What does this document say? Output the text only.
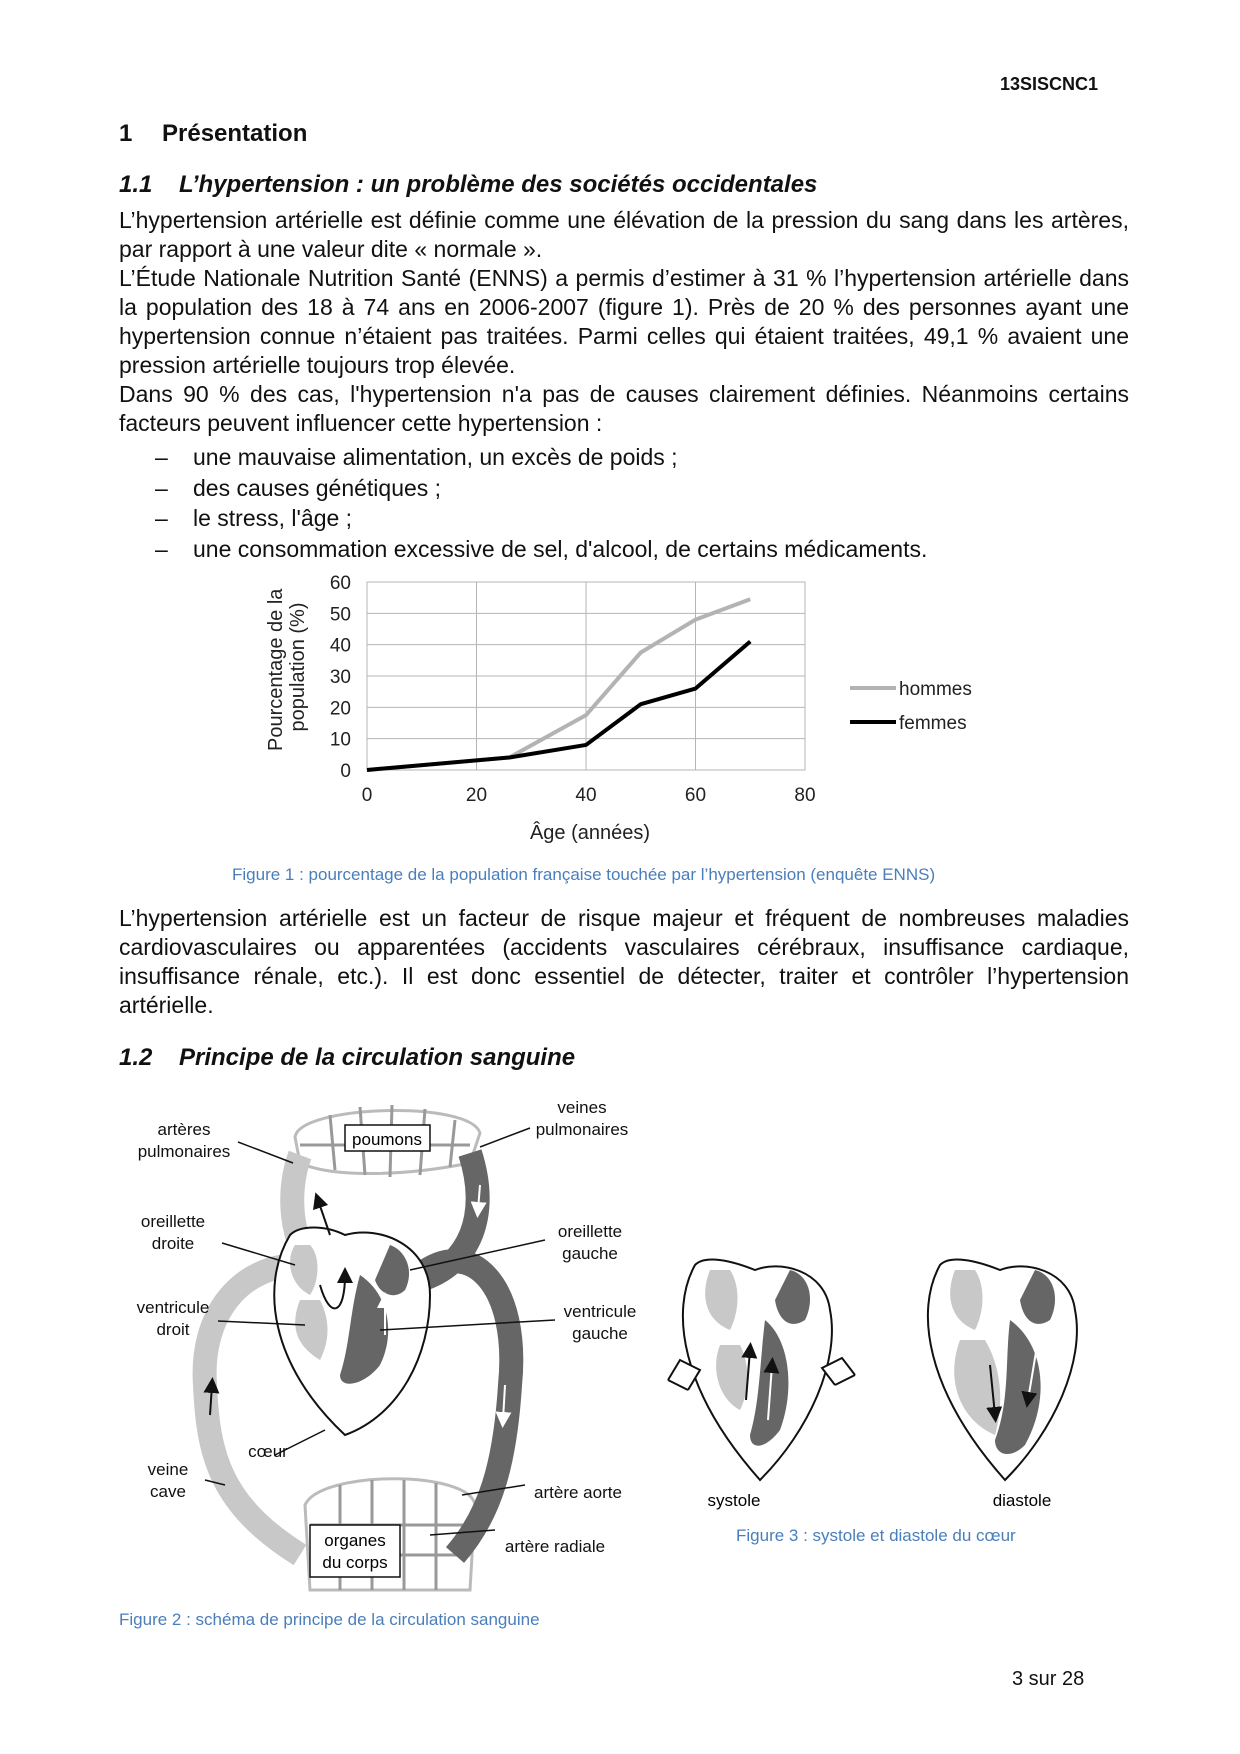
13SISCNC1
1 Présentation
1.1 L’hypertension : un problème des sociétés occidentales

L’hypertension artérielle est définie comme une élévation de la pression du sang dans les artères, par rapport à une valeur dite « normale ».

L’Étude Nationale Nutrition Santé (ENNS) a permis d’estimer à 31 % l’hypertension artérielle dans la population des 18 à 74 ans en 2006-2007 (figure 1). Près de 20 % des personnes ayant une hypertension connue n’étaient pas traitées. Parmi celles qui étaient traitées, 49,1 % avaient une pression artérielle toujours trop élevée.

Dans 90 % des cas, l'hypertension n'a pas de causes clairement définies. Néanmoins certains facteurs peuvent influencer cette hypertension :

– une mauvaise alimentation, un excès de poids ;
– des causes génétiques ;
– le stress, l'âge ;
– une consommation excessive de sel, d'alcool, de certains médicaments.
0
10
20
30
40
50
60
0	20	40	60	80
hommes
femmes
Âge (années)
Pourcentage de la population (%)
Figure 1 : pourcentage de la population française touchée par l’hypertension (enquête ENNS)

L’hypertension artérielle est un facteur de risque majeur et fréquent de nombreuses maladies cardiovasculaires ou apparentées (accidents vasculaires cérébraux, insuffisance cardiaque, insuffisance rénale, etc.). Il est donc essentiel de détecter, traiter et contrôler l’hypertension artérielle.

1.2 Principe de la circulation sanguine
poumons
artères
pulmonaires
veines
pulmonaires
oreillette
droite
oreillette
gauche
ventricule
droit
ventricule
gauche
cœur
veine
cave	artère aorte
artère radiale
organes
du corps
Figure 2 : schéma de principe de la circulation sanguine
systole	diastole
Figure 3 : systole et diastole du cœur
3 sur 28
